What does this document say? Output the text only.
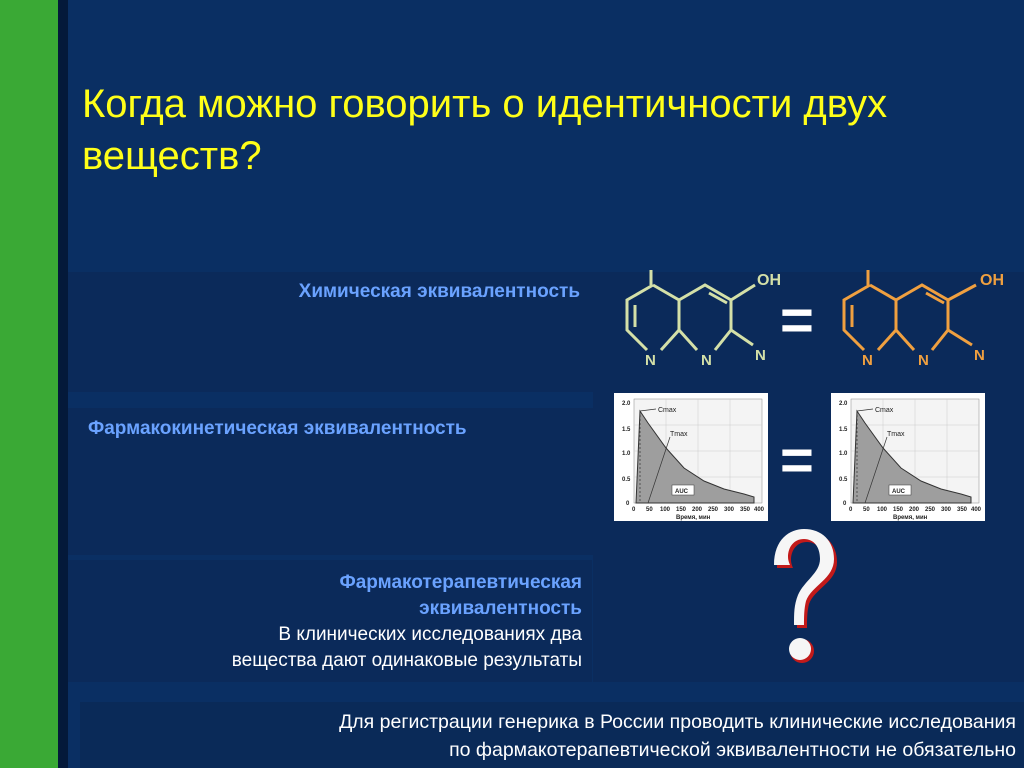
Когда можно говорить о идентичности двух веществ?
Химическая эквивалентность
Фармакокинетическая эквивалентность
Фармакотерапевтическая
эквивалентность
В клинических исследованиях два
вещества дают одинаковые результаты
OH
N	N	N
=
OH
N	N	N
Cmax
Tmax
AUC
0 50 100 150 200 250 300 350 400
Время, мин
2.0
1.5
1.0
0.5
0
=
Cmax
Tmax
AUC
0 50 100 150 200 250 300 350 400
Время, мин
2.0
1.5
1.0
0.5
0
Для регистрации генерика в России проводить клинические исследования
по фармакотерапевтической эквивалентности не обязательно
